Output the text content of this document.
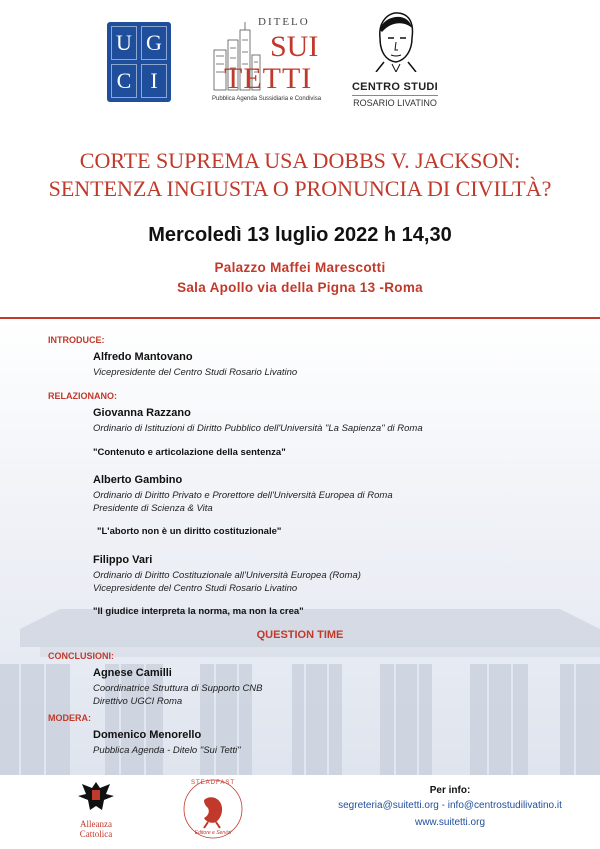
U G
C I
DITELO
SUI
TETTI
Pubblica Agenda Sussidiaria e Condivisa
CENTRO STUDI
ROSARIO LIVATINO
CORTE SUPREMA USA DOBBS V. JACKSON:
SENTENZA INGIUSTA O PRONUNCIA DI CIVILTÀ?
Mercoledì 13 luglio 2022 h 14,30
Palazzo Maffei Marescotti
Sala Apollo via della Pigna 13 -Roma
INTRODUCE:
Alfredo Mantovano
Vicepresidente del Centro Studi Rosario Livatino
RELAZIONANO:
Giovanna Razzano
Ordinario di Istituzioni di Diritto Pubblico dell'Università "La Sapienza" di Roma
"Contenuto e articolazione della sentenza"
Alberto Gambino
Ordinario di Diritto Privato e Prorettore dell'Università Europea di Roma
Presidente di Scienza & Vita
"L'aborto non è un diritto costituzionale"
Filippo Vari
Ordinario di Diritto Costituzionale all'Università Europea (Roma)
Vicepresidente del Centro Studi Rosario Livatino
"Il giudice interpreta la norma, ma non la crea"
QUESTION TIME
CONCLUSIONI:
Agnese Camilli
Coordinatrice Struttura di Supporto CNB
Direttivo UGCI Roma
MODERA:
Domenico Menorello
Pubblica Agenda - Ditelo "Sui Tetti"
Alleanza
Cattolica
STEADFAST
Editore e Servizi
Per info:
segreteria@suitetti.org - info@centrostudilivatino.it
www.suitetti.org
